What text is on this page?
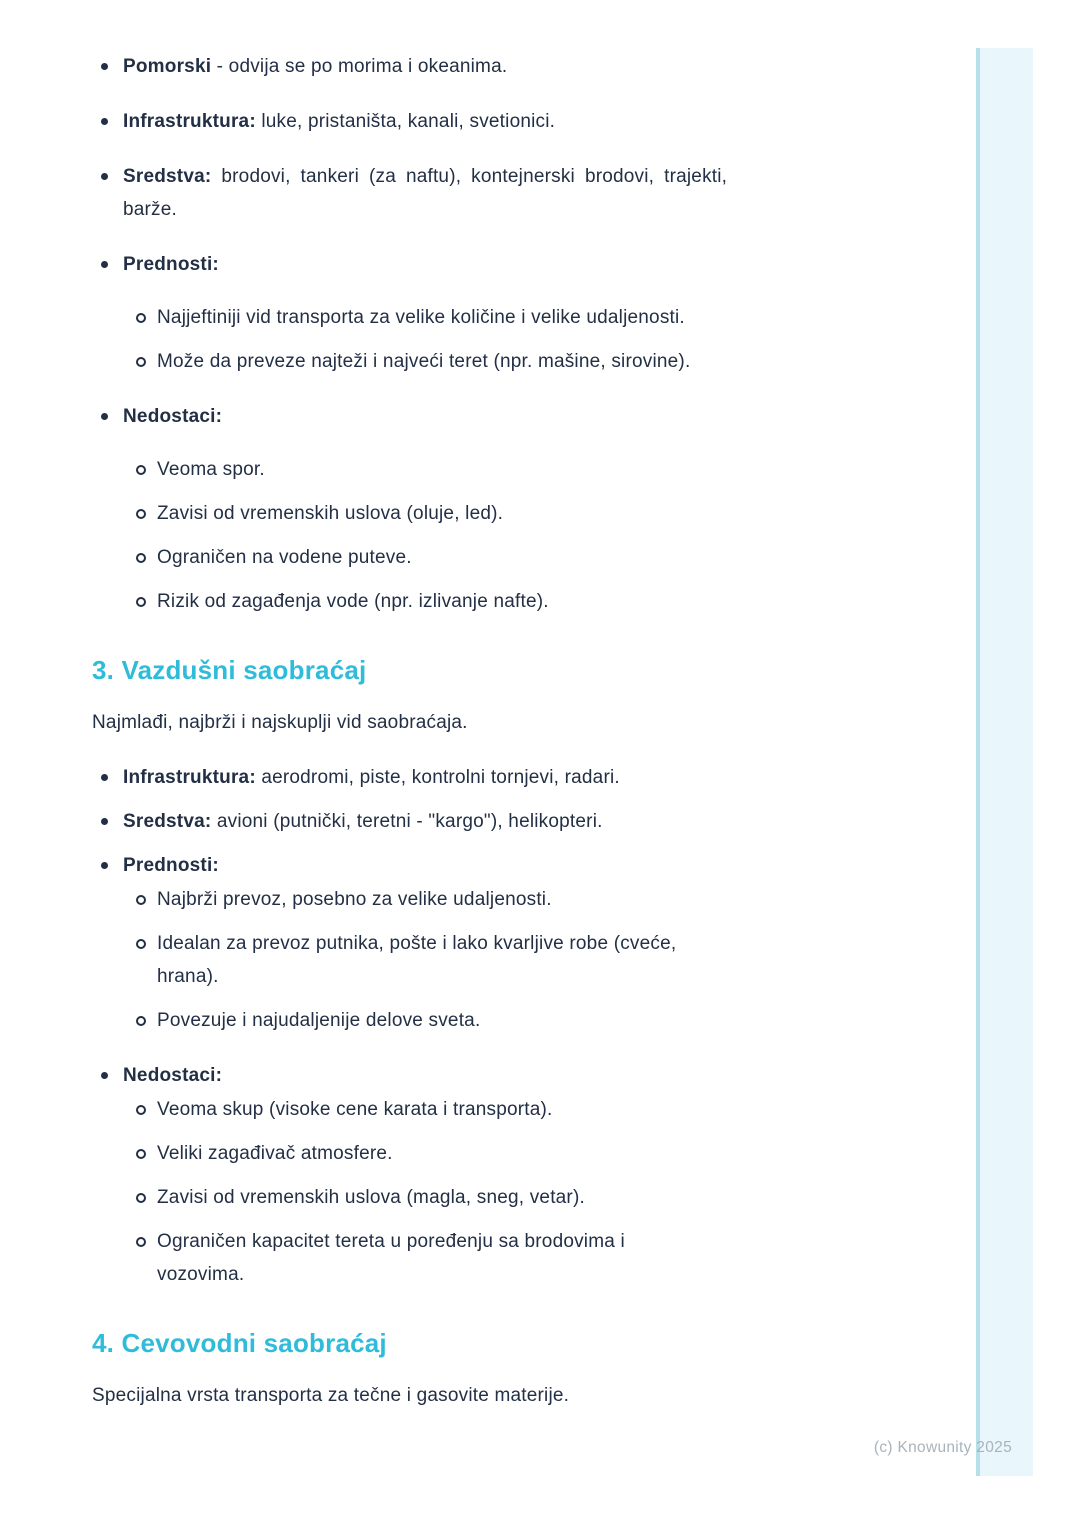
Pomorski - odvija se po morima i okeanima.
Infrastruktura: luke, pristaništa, kanali, svetionici.
Sredstva: brodovi, tankeri (za naftu), kontejnerski brodovi, trajekti,
barže.
Prednosti:
Najjeftiniji vid transporta za velike količine i velike udaljenosti.
Može da preveze najteži i najveći teret (npr. mašine, sirovine).
Nedostaci:
Veoma spor.
Zavisi od vremenskih uslova (oluje, led).
Ograničen na vodene puteve.
Rizik od zagađenja vode (npr. izlivanje nafte).
3. Vazdušni saobraćaj

Najmlađi, najbrži i najskuplji vid saobraćaja.

Infrastruktura: aerodromi, piste, kontrolni tornjevi, radari.
Sredstva: avioni (putnički, teretni - "kargo"), helikopteri.
Prednosti:
Najbrži prevoz, posebno za velike udaljenosti.
Idealan za prevoz putnika, pošte i lako kvarljive robe (cveće,
hrana).
Povezuje i najudaljenije delove sveta.
Nedostaci:
Veoma skup (visoke cene karata i transporta).
Veliki zagađivač atmosfere.
Zavisi od vremenskih uslova (magla, sneg, vetar).
Ograničen kapacitet tereta u poređenju sa brodovima i
vozovima.
4. Cevovodni saobraćaj

Specijalna vrsta transporta za tečne i gasovite materije.

(c) Knowunity 2025
